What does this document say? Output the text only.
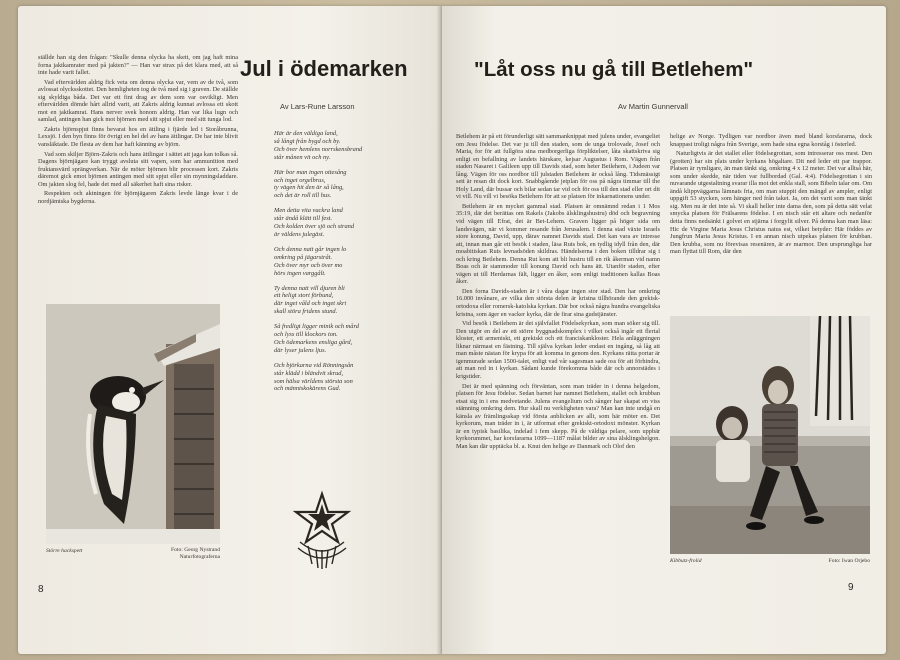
ställde han sig den frågan: "Skulle denna olycka ha skett, om jag haft mina forna jaktkamrater med på jakten?" — Han var strax på det klara med, att så inte hade varit fallet.

Vad eftervärlden aldrig fick veta om denna olycka var, vem av de två, som avlossat olycksskottet. Den hemligheten tog de två med sig i graven. De ställde sig skyldiga båda. Det var ett fint drag av dem som var osvikligt. Men eftervärlden dömde hårt allrid varit, att Zakris aldrig kunnat avlossa ett skott mot en jaktkamrat. Hans nerver svek honom aldrig. Han var lika lugn och samlad, antingen han gick mot björnen med sitt spjut eller med sitt tunga lod.

Zakris björnspjut finns bevarat hos en ättling i fjärde led i Storåbrunna, Lexsjö. I den byn finns för övrigt en hel del av hans ättlingar. De har inte blivit vansläktade. De flesta av dem har haft känning av björn.

Vad som skiljer Björn-Zakris och hans ättlingar i sättet att jaga kan tolkas så. Dagens björnjägare kan tryggt avsluta sitt vapen, som har ammunition med fruktansvärd sprängverkan. När de möter björnen blir processen kort. Zakris däremot gick emot björnen antingen med sitt spjut eller sin mynningsladdare. Om jakten slog fel, hade det med all säkerhet haft sina risker.

Respekten och aktningen för björnjägaren Zakris levde länge kvar i de nordjämtska bygderna.

Jul i ödemarken
Av Lars-Rune Larsson
Här är den väldiga land,
så långt från bygd och by.
Och över hemlens norrskensbrand
står månen vit och ny.
Här bor man ingen ottesång
och inget orgelbrus,
ty vägen hit den är så lång,
och det är roll till hus.
Men detta vita vackra land
står ändå klätt till fest.
Och kolden över sjö och strand
är väldens julegäst.
Och denna natt går ingen lo
omkring på jägarstråt.
Och över myr och över mo
hörs ingen varggålt.
Ty denna natt vill djuren bli
ett heligt stort förbund,
där inget våld och inget skri
skall störa fridens stund.
Så fredligt ligger minik och mård
och lyss till klockors ton.
Och ödemarkens ensliga gård,
där lyser julens ljus.
Och björkarna vid Rönningsån
står klädd i bländvit skrud,
som hälsa världens största son
och människokärens Gud.
Större hackspett	Foto: Georg Nystrand
Naturfotograferna
8
"Låt oss nu gå till Betlehem"
Av Martin Gunnervall

Betlehem är på ett förunderligt sätt sammanknippat med julens under, evangeliet om Jesu födelse. Det var ju till den staden, som de unga trolovade, Josef och Maria, for för att fullgöra sina medborgerliga förpliktelser, låta skattskriva sig enligt en befallning av landets härskare, kejsar Augustus i Rom. Vägen från staden Nasaret i Galileen upp till Davids stad, som heter Betlehem, i Judeen var lång. Vägen för oss nordbor till julstaden Betlehem är också lång. Tidsmässigt sett är resan dit dock kort. Snabbgående jetplan för oss på några timmar till the Holy Land, där bussar och bilar sedan tar vid och för oss till den stad eller ort dit vi vill. Nu vill vi besöka Betlehem för att se platsen för inkarnationens under.

Betlehem är en mycket gammal stad. Platsen är omnämnd redan i 1 Mos 35:19, där det berättas om Rakels (Jakobs älsklingshustru) död och begravning vid vägen till Efrat, det är Bet-Lehem. Graven ligger på höger sida om landsvägen, när vi kommer resande från Jerusalem. I denna stad växte Israels store konung, David, upp, därav namnet Davids stad. Det kan vara av intresse att, innan man går ett besök i staden, läsa Ruts bok, en tydlig idyll från den, där moabitiskan Ruts levnadsöden skildras. Händelserna i den boken tilldrar sig i och kring Betlehem. Denna Rut kom att bli hustru till en rik åkerman vid namn Boas och är stammoder till konung David och hans ätt. Utanför staden, efter vägen ut till Herdarnas fält, ligger en åker, som enligt traditionen kallas Boas åker.

Den forna Davids-staden är i våra dagar ingen stor stad. Den har omkring 16.000 invånare, av vilka den största delen är kristna tillhörande den grekisk-ortodoxa eller romersk-katolska kyrkan. Där bor också några hundra evangeliska kristna, som äger en vacker kyrka, där de firar sina gudstjänster.

Vid besök i Betlehem är det självfallet Födelsekyrkan, som man söker sig till. Den utgör en del av ett större byggnadskomplex i vilket också ingår ett flertal kloster, ett armeniskt, ett grekiskt och ett franciskankloster. Hela anläggningen liknar närmast en fästning. Till själva kyrkan leder endast en ingång, så låg att man måste nästan för krypa för att komma in genom den. Kyrkans rätta portar är igenmurade sedan 1500-talet, enligt vad vår sagesman sade oss för att förhindra, att man red in i kyrkan. Sådant kunde förekomma både där och annorstädes i krigstider.

Det är med spänning och förväntan, som man träder in i denna helgedom, platsen för Jesu födelse. Sedan barnet har namnet Betlehem, stallet och krubban etsat sig in i ens medvetande. Julens evangelium och sånger har skapat en viss stämning omkring dem. Hur skall nu verkligheten vara? Man kan inte undgå en känsla av främlingsskap vid första anblicken av allt, som här möter en. Det kyrkorum, man träder in i, är utformat efter grekiskt-ortodoxt mönster. Kyrkan är en typisk basilika, indelad i fem skepp. På de väldiga pelare, som uppbär kyrkorummet, har korsfararna 1099—1187 målat bilder av sina älsklingshelgon. Man kan där upptäcka bl. a. Knut den helige av Danmark och Olof den

helige av Norge. Tydligen var nordbor även med bland korsfararna, dock knappast troligt några från Sverige, som hade sina egna korståg i österled.

Naturligtvis är det stallet eller födelsegrottan, som intresserar oss mest. Den (grotten) har sin plats under kyrkans högaltare. Dit ned leder ett par trappor. Platsen är rymligare, än man tänkt sig, omkring 4 x 12 meter. Det var alltså här, som under skedde, när tiden var fullbordad (Gal. 4:4). Födelsegrottan i sin nuvarande utgestaltning svarar illa mot det enkla stall, som Bibeln talar om. Om ändå klippväggarna lämnats fria, om man stuppit den mängd av ampler, enligt uppgift 53 stycken, som hänger ned från taket. Ja, om det varit som man tänkt sig. Men nu är det inte så. Vi skall heller inte dama den, som på detta sätt velat smycka platsen för Frälsarens födelse. I en nisch står ett altare och nedanför detta finns nedsänkt i golvet en stjärna i forgylit silver. På denna kan man läsa: Hic de Virgine Maria Jesus Christus natus est, vilket betyder: Här föddes av Jungfrun Maria Jesus Kristus. I en annan nisch utpekas platsen för krubban. Den krubba, som nu förevisas resenären, är av marmor. Den ursprungliga har man flyttat till Rom, där den

Kibbutz-frolid	Foto: Iwan Orjebo
9
